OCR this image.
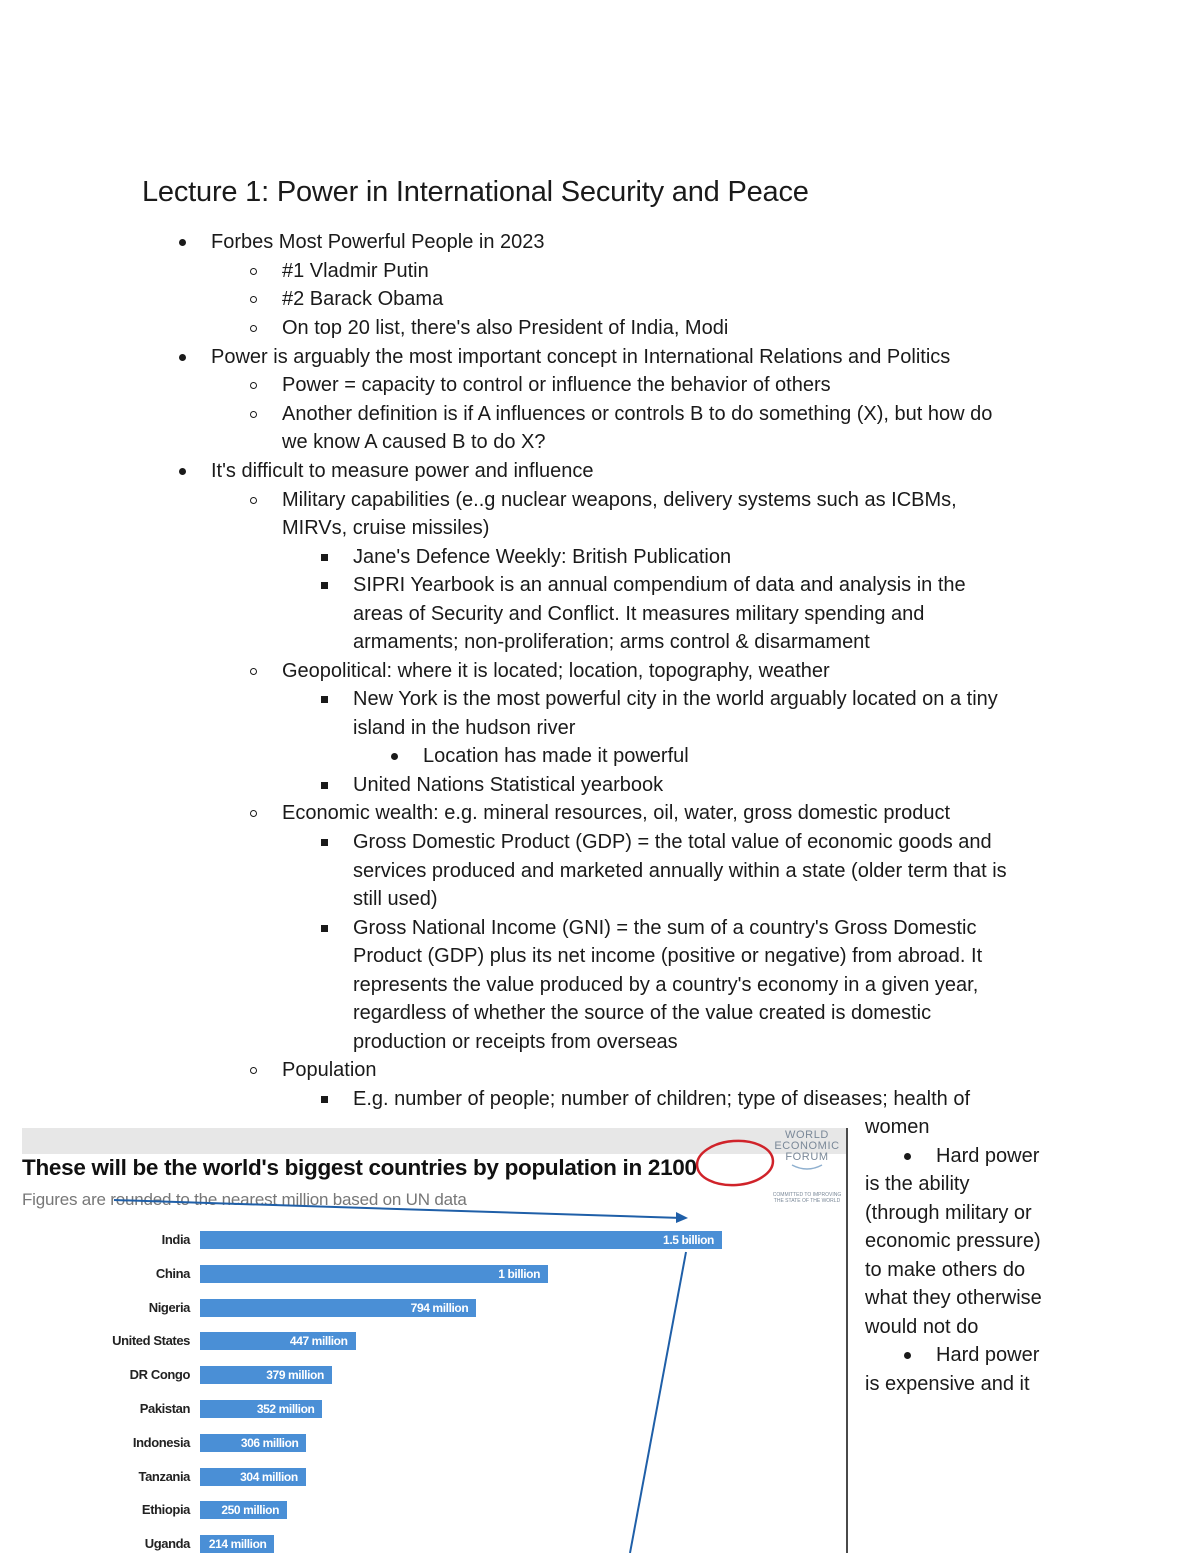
Lecture 1: Power in International Security and Peace
Forbes Most Powerful People in 2023
#1 Vladmir Putin
#2 Barack Obama
On top 20 list, there's also President of India, Modi
Power is arguably the most important concept in International Relations and Politics
Power = capacity to control or influence the behavior of others
Another definition is if A influences or controls B to do something (X), but how do
we know A caused B to do X?
It's difficult to measure power and influence
Military capabilities (e..g nuclear weapons, delivery systems such as ICBMs,
MIRVs, cruise missiles)
Jane's Defence Weekly: British Publication
SIPRI Yearbook is an annual compendium of data and analysis in the
areas of Security and Conflict. It measures military spending and
armaments; non-proliferation; arms control & disarmament
Geopolitical: where it is located; location, topography, weather
New York is the most powerful city in the world arguably located on a tiny
island in the hudson river
Location has made it powerful
United Nations Statistical yearbook
Economic wealth: e.g. mineral resources, oil, water, gross domestic product
Gross Domestic Product (GDP) = the total value of economic goods and
services produced and marketed annually within a state (older term that is
still used)
Gross National Income (GNI) = the sum of a country's Gross Domestic
Product (GDP) plus its net income (positive or negative) from abroad. It
represents the value produced by a country's economy in a given year,
regardless of whether the source of the value created is domestic
production or receipts from overseas
Population
E.g. number of people; number of children; type of diseases; health of
women
Hard power
is the ability
(through military or
economic pressure)
to make others do
what they otherwise
would not do
Hard power
is expensive and it
These will be the world's biggest countries by population in 2100
Figures are rounded to the nearest million based on UN data
WORLD
ECONOMIC
FORUM
COMMITTED TO IMPROVING THE STATE OF THE WORLD
India	1.5 billion
China	1 billion
Nigeria	794 million
United States	447 million
DR Congo	379 million
Pakistan	352 million
Indonesia	306 million
Tanzania	304 million
Ethiopia	250 million
Uganda 214 million
